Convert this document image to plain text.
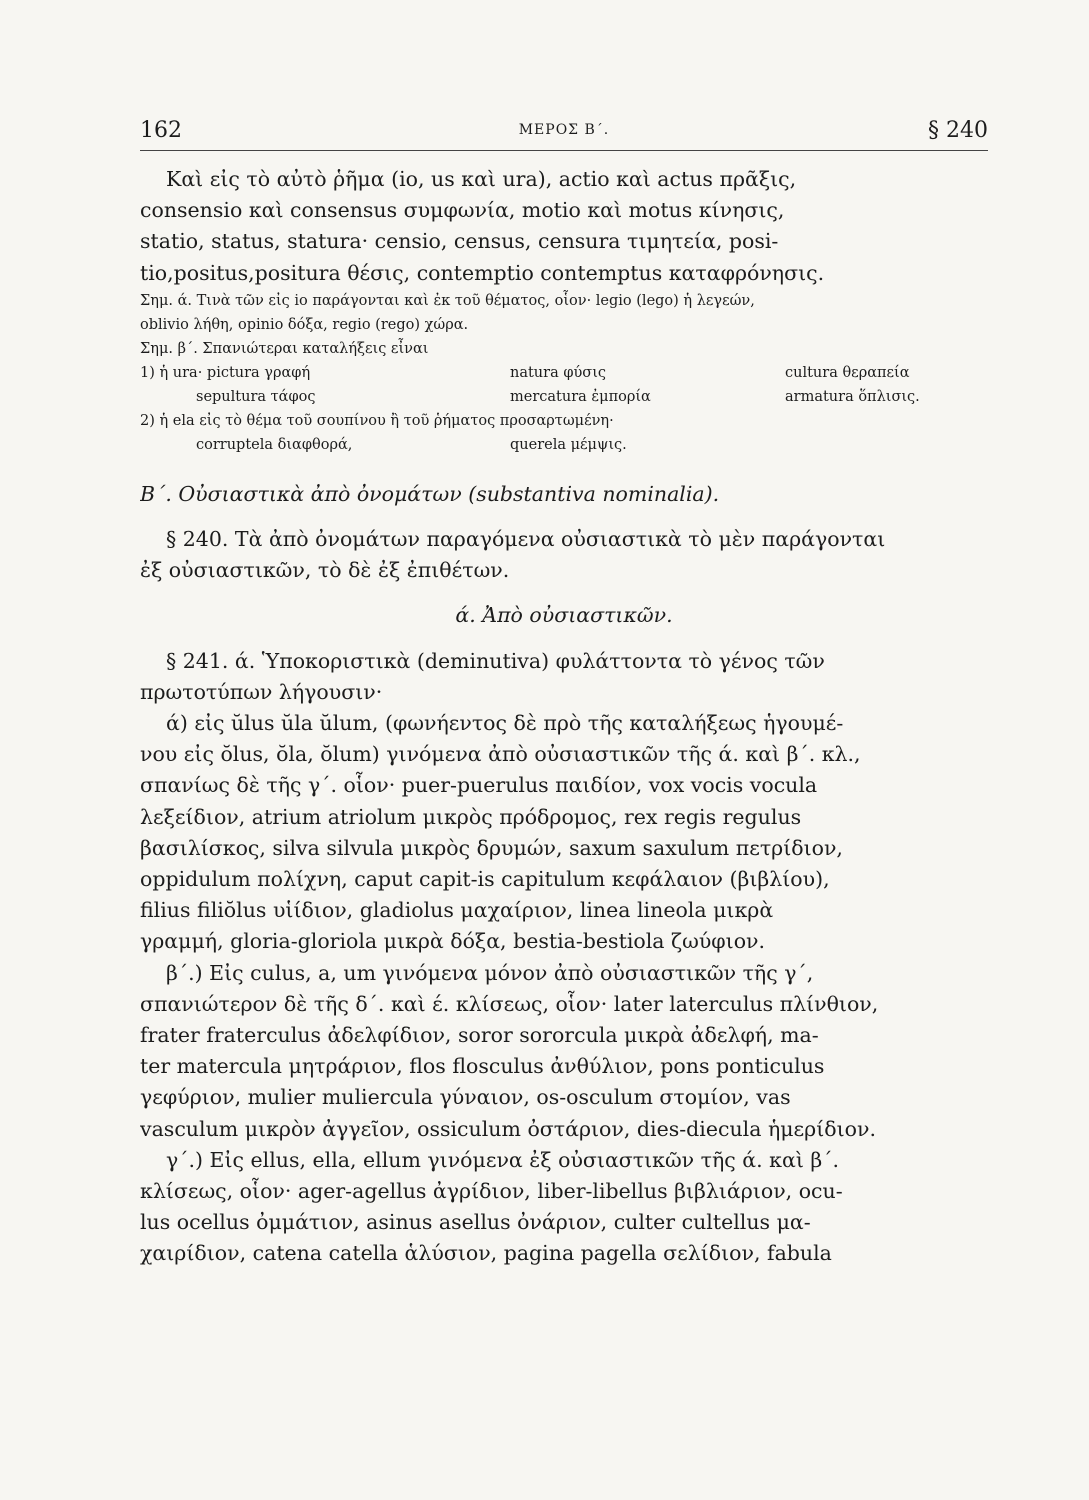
162	ΜΕΡΟΣ Β΄.	§ 240
Καὶ εἰς τὸ αὐτὸ ῥῆμα (io, us καὶ ura), actio καὶ actus πρᾶξις,
consensio καὶ consensus συμφωνία, motio καὶ motus κίνησις,
statio, status, statura· censio, census, censura τιμητεία, posi-
tio,positus,positura θέσις, contemptio contemptus καταφρόνησις.
Σημ. ά. Τινὰ τῶν εἰς io παράγονται καὶ ἐκ τοῦ θέματος, οἷον· legio (lego) ἡ λεγεών,
oblivio λήθη, opinio δόξα, regio (rego) χώρα.
Σημ. β΄. Σπανιώτεραι καταλήξεις εἶναι
1) ἡ ura· pictura γραφή	natura φύσις	cultura θεραπεία
sepultura τάφος	mercatura ἐμπορία	armatura ὅπλισις.
2) ἡ ela εἰς τὸ θέμα τοῦ σουπίνου ἢ τοῦ ῥήματος προσαρτωμένη·
corruptela διαφθορά,	querela μέμψις.
Β΄. Οὐσιαστικὰ ἀπὸ ὀνομάτων (substantiva nominalia).
§ 240. Τὰ ἀπὸ ὀνομάτων παραγόμενα οὐσιαστικὰ τὸ μὲν παράγονται
ἐξ οὐσιαστικῶν, τὸ δὲ ἐξ ἐπιθέτων.
ά. Ἀπὸ οὐσιαστικῶν.
§ 241. ά. Ὑποκοριστικὰ (deminutiva) φυλάττοντα τὸ γένος τῶν
πρωτοτύπων λήγουσιν·
ά) εἰς ŭlus ŭla ŭlum, (φωνήεντος δὲ πρὸ τῆς καταλήξεως ἡγουμέ-
νου εἰς ŏlus, ŏla, ŏlum) γινόμενα ἀπὸ οὐσιαστικῶν τῆς ά. καὶ β΄. κλ.,
σπανίως δὲ τῆς γ΄. οἷον· puer-puerulus παιδίον, vox vocis vocula
λεξείδιον, atrium atriolum μικρὸς πρόδρομος, rex regis regulus
βασιλίσκος, silva silvula μικρὸς δρυμών, saxum saxulum πετρίδιον,
oppidulum πολίχνη, caput capit-is capitulum κεφάλαιον (βιβλίου),
filius filiŏlus υἱίδιον, gladiolus μαχαίριον, linea lineola μικρὰ
γραμμή, gloria-gloriola μικρὰ δόξα, bestia-bestiola ζωύφιον.
β΄.) Εἰς culus, a, um γινόμενα μόνον ἀπὸ οὐσιαστικῶν τῆς γ΄,
σπανιώτερον δὲ τῆς δ΄. καὶ έ. κλίσεως, οἷον· later laterculus πλίνθιον,
frater fraterculus ἀδελφίδιον, soror sororcula μικρὰ ἀδελφή, ma-
ter matercula μητράριον, flos flosculus ἀνθύλιον, pons ponticulus
γεφύριον, mulier muliercula γύναιον, os-osculum στομίον, vas
vasculum μικρὸν ἀγγεῖον, ossiculum ὀστάριον, dies-diecula ἡμερίδιον.
γ΄.) Εἰς ellus, ella, ellum γινόμενα ἐξ οὐσιαστικῶν τῆς ά. καὶ β΄.
κλίσεως, οἷον· ager-agellus ἀγρίδιον, liber-libellus βιβλιάριον, ocu-
lus ocellus ὀμμάτιον, asinus asellus ὀνάριον, culter cultellus μα-
χαιρίδιον, catena catella ἁλύσιον, pagina pagella σελίδιον, fabula
